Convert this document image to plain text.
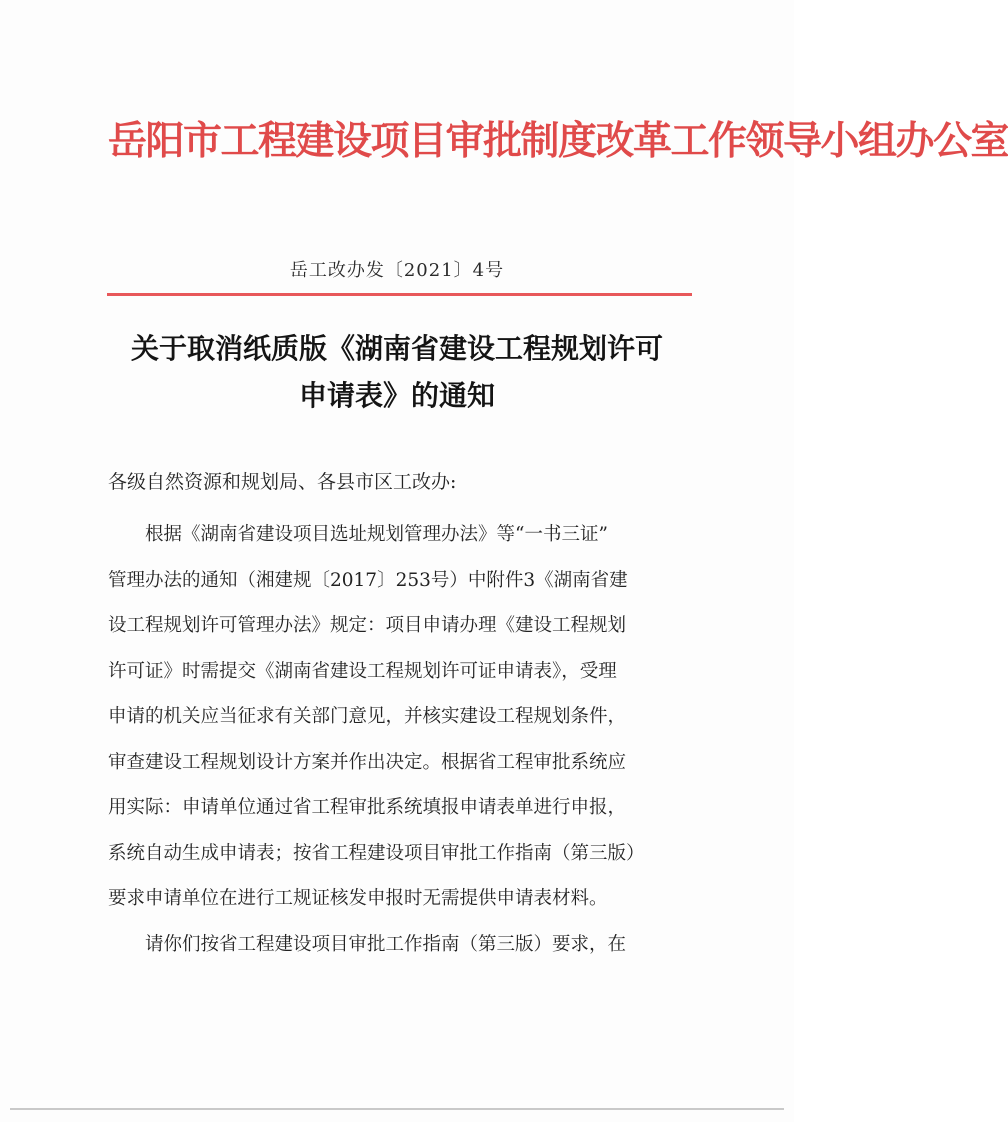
岳阳市工程建设项目审批制度改革工作领导小组办公室
岳工改办发〔2021〕4号
关于取消纸质版《湖南省建设工程规划许可
申请表》的通知
各级自然资源和规划局、各县市区工改办:

根据《湖南省建设项目选址规划管理办法》等“一书三证”
管理办法的通知（湘建规〔2017〕253号）中附件3《湖南省建
设工程规划许可管理办法》规定：项目申请办理《建设工程规划
许可证》时需提交《湖南省建设工程规划许可证申请表》，受理
申请的机关应当征求有关部门意见，并核实建设工程规划条件，
审查建设工程规划设计方案并作出决定。根据省工程审批系统应
用实际：申请单位通过省工程审批系统填报申请表单进行申报，
系统自动生成申请表；按省工程建设项目审批工作指南（第三版）
要求申请单位在进行工规证核发申报时无需提供申请表材料。

请你们按省工程建设项目审批工作指南（第三版）要求，在
